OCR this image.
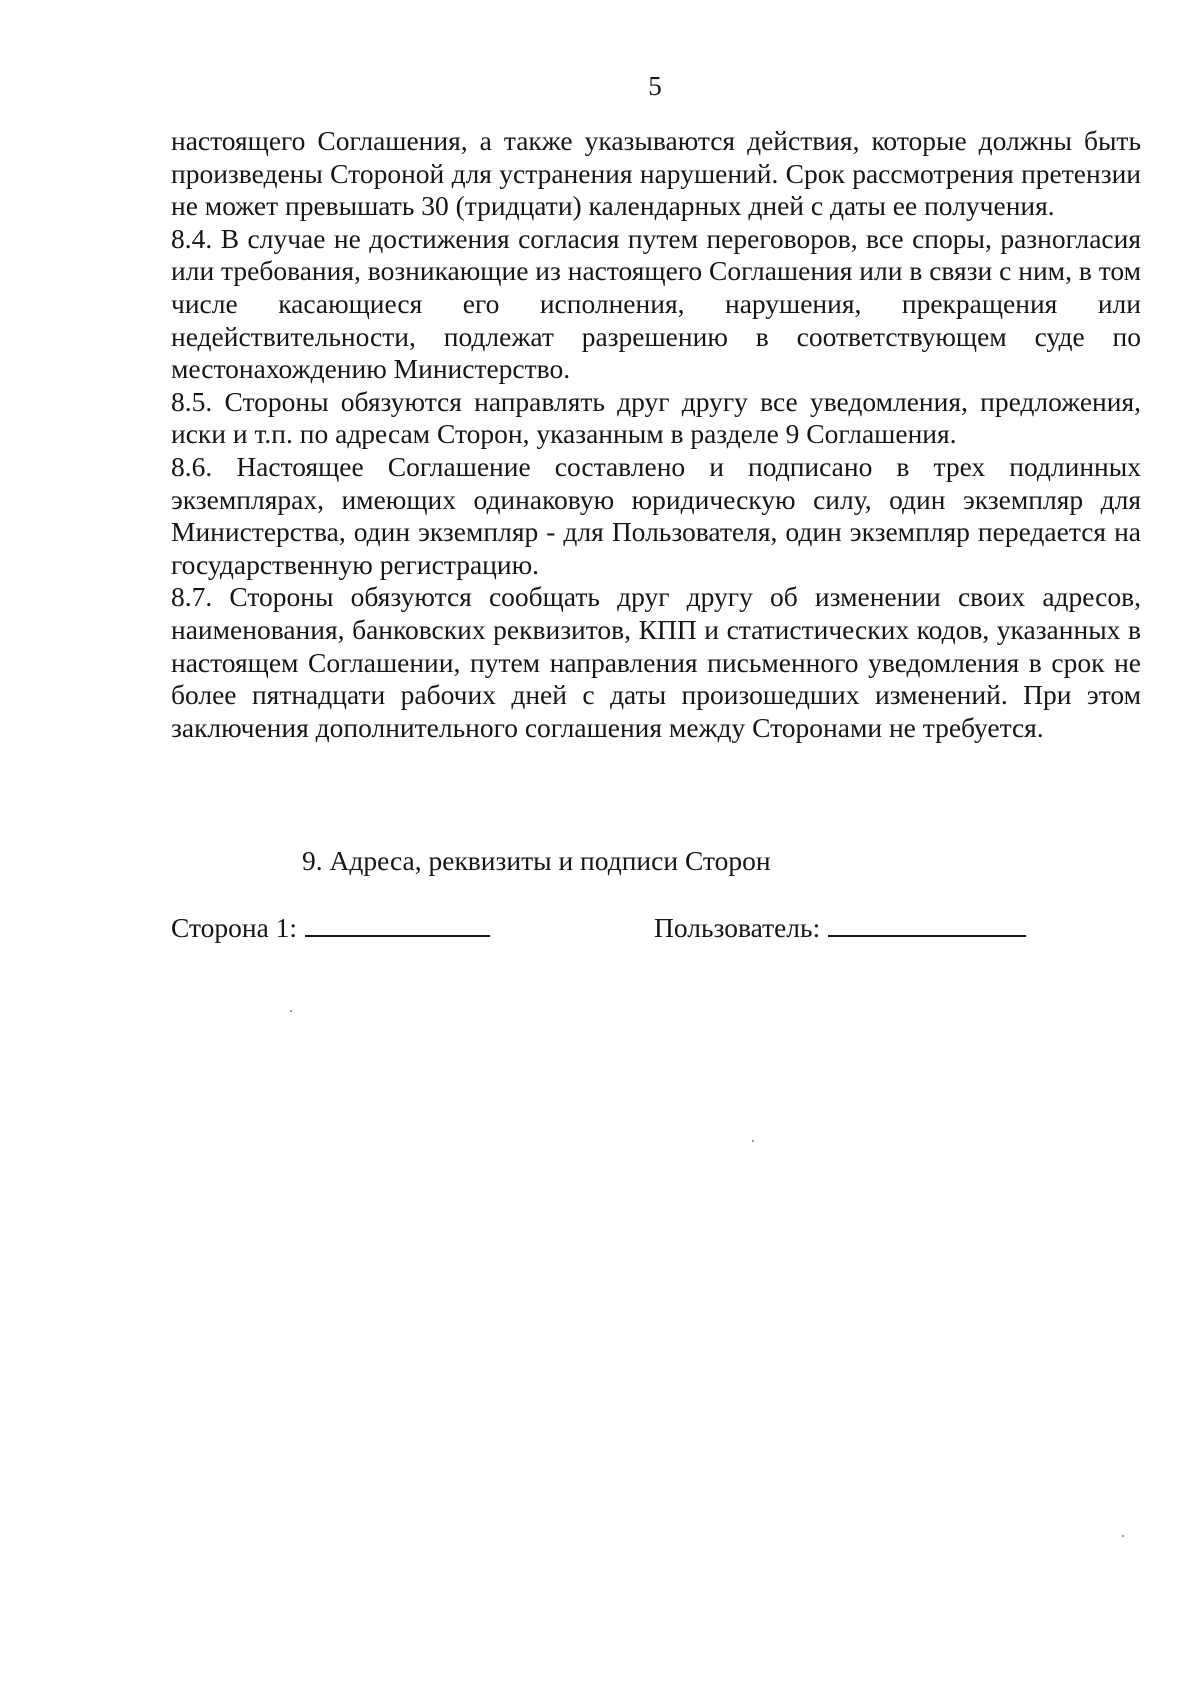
5

настоящего Соглашения, а также указываются действия, которые должны быть произведены Стороной для устранения нарушений. Срок рассмотрения претензии не может превышать 30 (тридцати) календарных дней с даты ее получения.

8.4. В случае не достижения согласия путем переговоров, все споры, разногласия или требования, возникающие из настоящего Соглашения или в связи с ним, в том числе касающиеся его исполнения, нарушения, прекращения или недействительности, подлежат разрешению в соответствующем суде по местонахождению Министерство.

8.5. Стороны обязуются направлять друг другу все уведомления, предложения, иски и т.п. по адресам Сторон, указанным в разделе 9 Соглашения.

8.6. Настоящее Соглашение составлено и подписано в трех подлинных экземплярах, имеющих одинаковую юридическую силу, один экземпляр для Министерства, один экземпляр - для Пользователя, один экземпляр передается на государственную регистрацию.

8.7. Стороны обязуются сообщать друг другу об изменении своих адресов, наименования, банковских реквизитов, КПП и статистических кодов, указанных в настоящем Соглашении, путем направления письменного уведомления в срок не более пятнадцати рабочих дней с даты произошедших изменений. При этом заключения дополнительного соглашения между Сторонами не требуется.

9. Адреса, реквизиты и подписи Сторон
Сторона 1:	Пользователь:
